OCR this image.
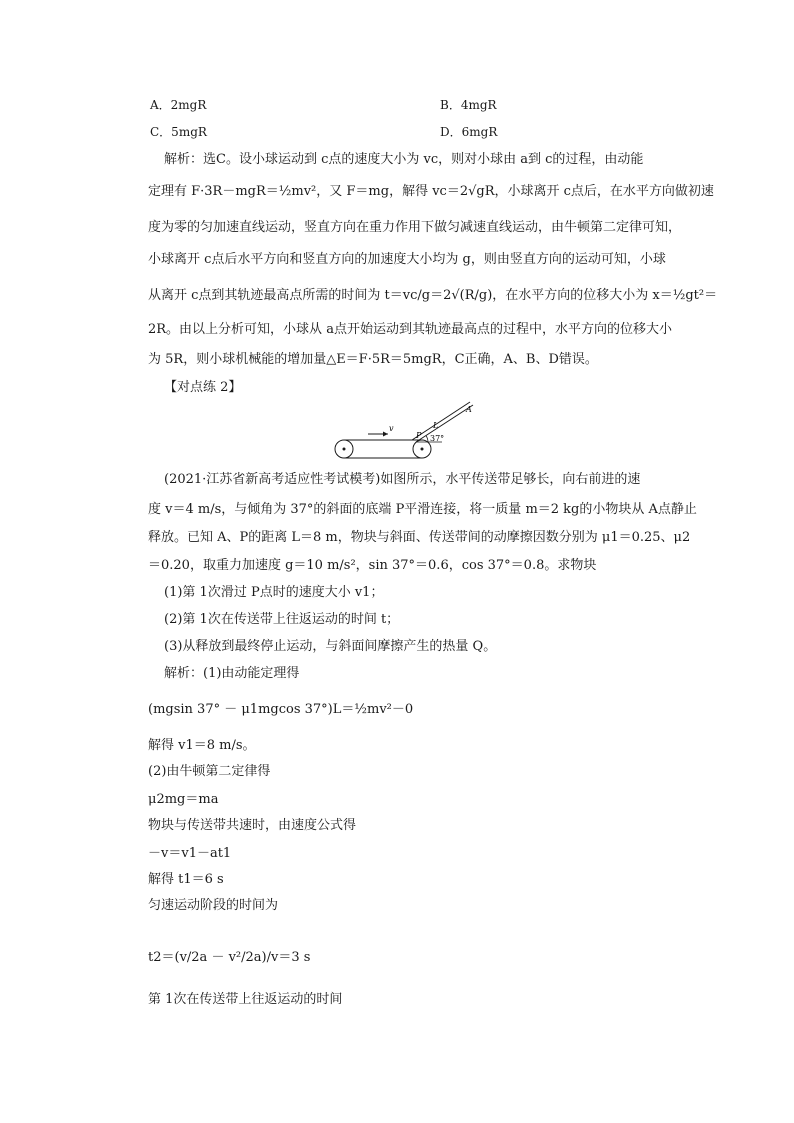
A．2mgR	B．4mgR
C．5mgR	D．6mgR
解析：选C。设小球运动到 c点的速度大小为 vc，则对小球由 a到 c的过程，由动能
定理有 F·3R－mgR＝½mv²，又 F＝mg，解得 vc＝2√gR，小球离开 c点后，在水平方向做初速
度为零的匀加速直线运动，竖直方向在重力作用下做匀减速直线运动，由牛顿第二定律可知，
小球离开 c点后水平方向和竖直方向的加速度大小均为 g，则由竖直方向的运动可知，小球
从离开 c点到其轨迹最高点所需的时间为 t＝vc/g＝2√(R/g)，在水平方向的位移大小为 x＝½gt²＝
2R。由以上分析可知，小球从 a点开始运动到其轨迹最高点的过程中，水平方向的位移大小
为 5R，则小球机械能的增加量△E＝F·5R＝5mgR，C正确，A、B、D错误。
【对点练 2】
v
37°
P
L
A
(2021·江苏省新高考适应性考试模考)如图所示，水平传送带足够长，向右前进的速
度 v＝4 m/s，与倾角为 37°的斜面的底端 P平滑连接，将一质量 m＝2 kg的小物块从 A点静止
释放。已知 A、P的距离 L＝8 m，物块与斜面、传送带间的动摩擦因数分别为 μ1＝0.25、μ2
＝0.20，取重力加速度 g＝10 m/s²，sin 37°＝0.6，cos 37°＝0.8。求物块
(1)第 1次滑过 P点时的速度大小 v1；
(2)第 1次在传送带上往返运动的时间 t；
(3)从释放到最终停止运动，与斜面间摩擦产生的热量 Q。
解析：(1)由动能定理得
(mgsin 37° － μ1mgcos 37°)L＝½mv²－0
解得 v1＝8 m/s。
(2)由牛顿第二定律得
μ2mg＝ma
物块与传送带共速时，由速度公式得
－v＝v1－at1
解得 t1＝6 s
匀速运动阶段的时间为
t2＝(v/2a － v²/2a)/v＝3 s
第 1次在传送带上往返运动的时间
